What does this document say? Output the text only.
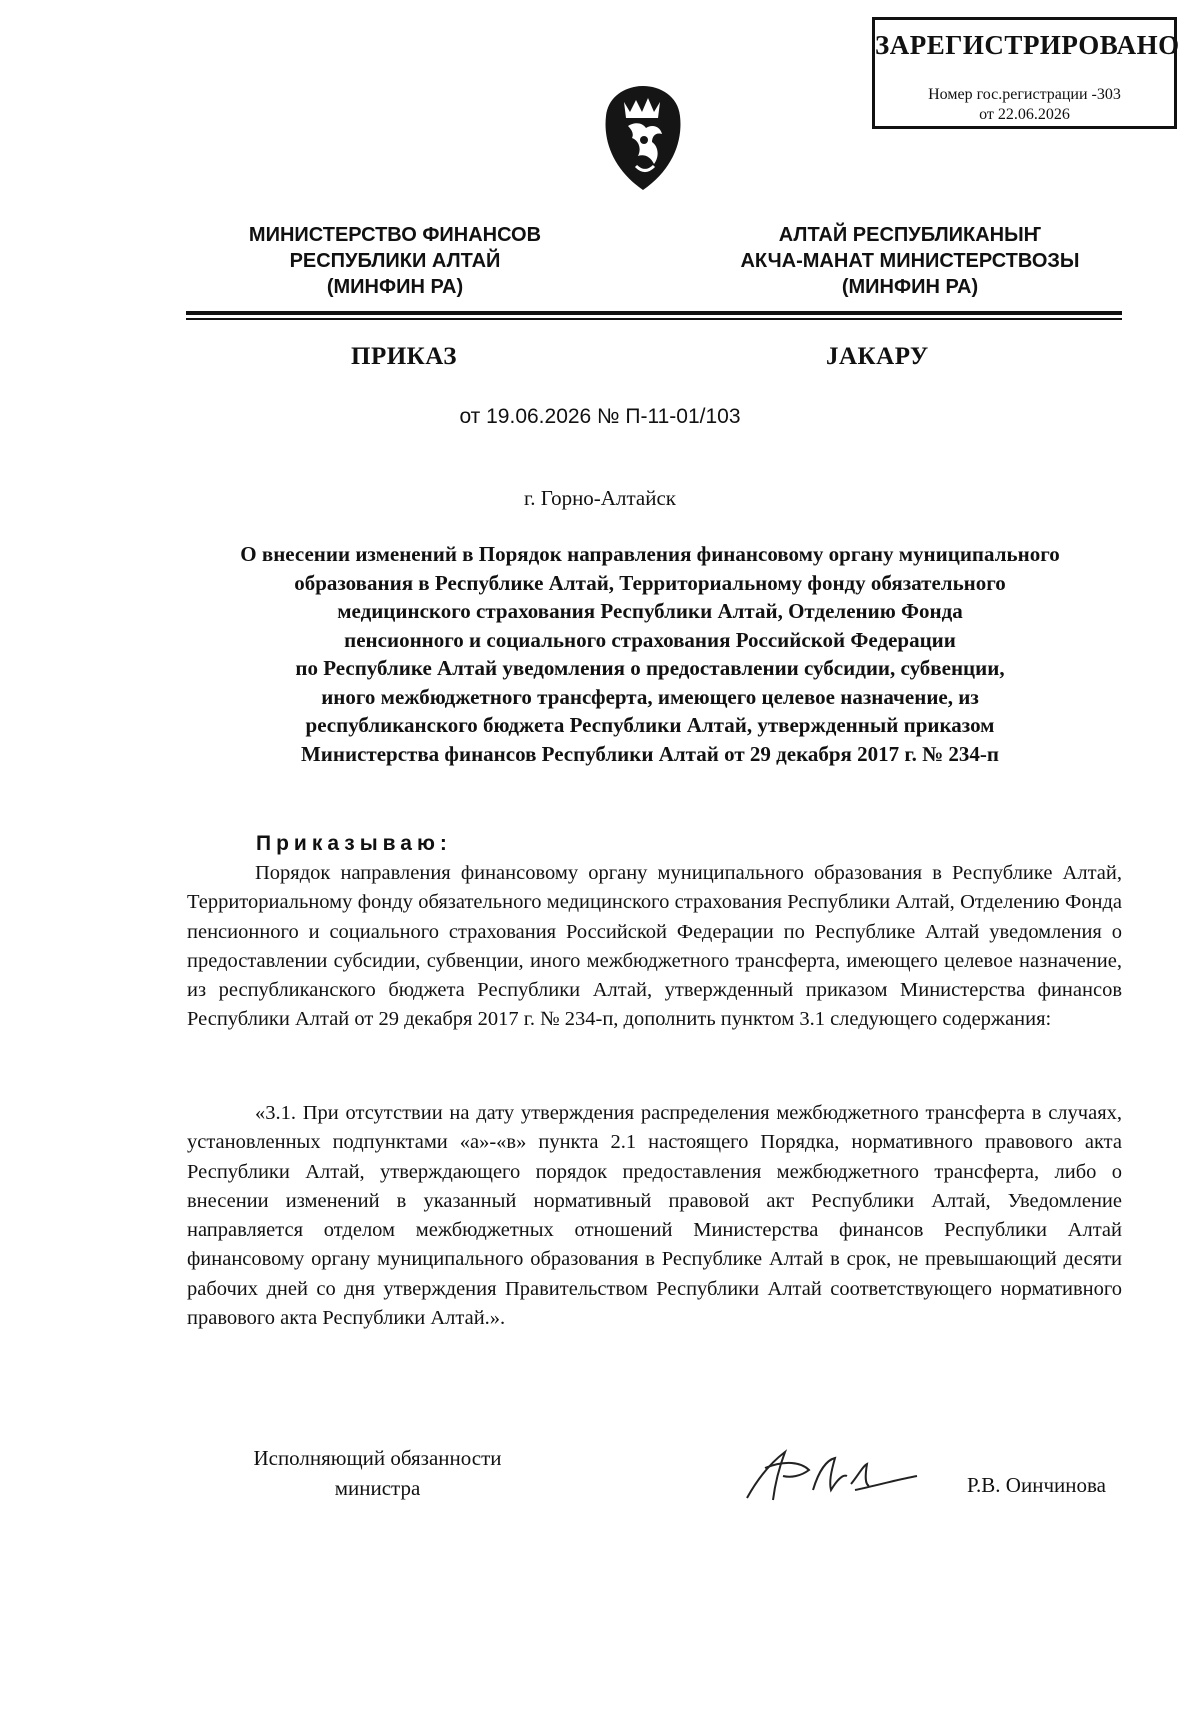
ЗАРЕГИСТРИРОВАНО
Номер гос.регистрации -303
от 22.06.2026
МИНИСТЕРСТВО ФИНАНСОВ
РЕСПУБЛИКИ АЛТАЙ
(МИНФИН РА)
АЛТАЙ РЕСПУБЛИКАНЫҤ
АКЧА-МАНАТ МИНИСТЕРСТВОЗЫ
(МИНФИН РА)
ПРИКАЗ	JАКАРУ
от 19.06.2026 № П-11-01/103
г. Горно-Алтайск
О внесении изменений в Порядок направления финансовому органу муниципального
образования в Республике Алтай, Территориальному фонду обязательного
медицинского страхования Республики Алтай, Отделению Фонда
пенсионного и социального страхования Российской Федерации
по Республике Алтай уведомления о предоставлении субсидии, субвенции,
иного межбюджетного трансферта, имеющего целевое назначение, из
республиканского бюджета Республики Алтай, утвержденный приказом
Министерства финансов Республики Алтай от 29 декабря 2017 г. № 234-п
Приказываю:

Порядок направления финансовому органу муниципального образования в Республике Алтай, Территориальному фонду обязательного медицинского страхования Республики Алтай, Отделению Фонда пенсионного и социального страхования Российской Федерации по Республике Алтай уведомления о предоставлении субсидии, субвенции, иного межбюджетного трансферта, имеющего целевое назначение, из республиканского бюджета Республики Алтай, утвержденный приказом Министерства финансов Республики Алтай от 29 декабря 2017 г. № 234-п, дополнить пунктом 3.1 следующего содержания:

«3.1. При отсутствии на дату утверждения распределения межбюджетного трансферта в случаях, установленных подпунктами «а»-«в» пункта 2.1 настоящего Порядка, нормативного правового акта Республики Алтай, утверждающего порядок предоставления межбюджетного трансферта, либо о внесении изменений в указанный нормативный правовой акт Республики Алтай, Уведомление направляется отделом межбюджетных отношений Министерства финансов Республики Алтай финансовому органу муниципального образования в Республике Алтай в срок, не превышающий десяти рабочих дней со дня утверждения Правительством Республики Алтай соответствующего нормативного правового акта Республики Алтай.».

Исполняющий обязанности
министра	Р.В. Оинчинова
